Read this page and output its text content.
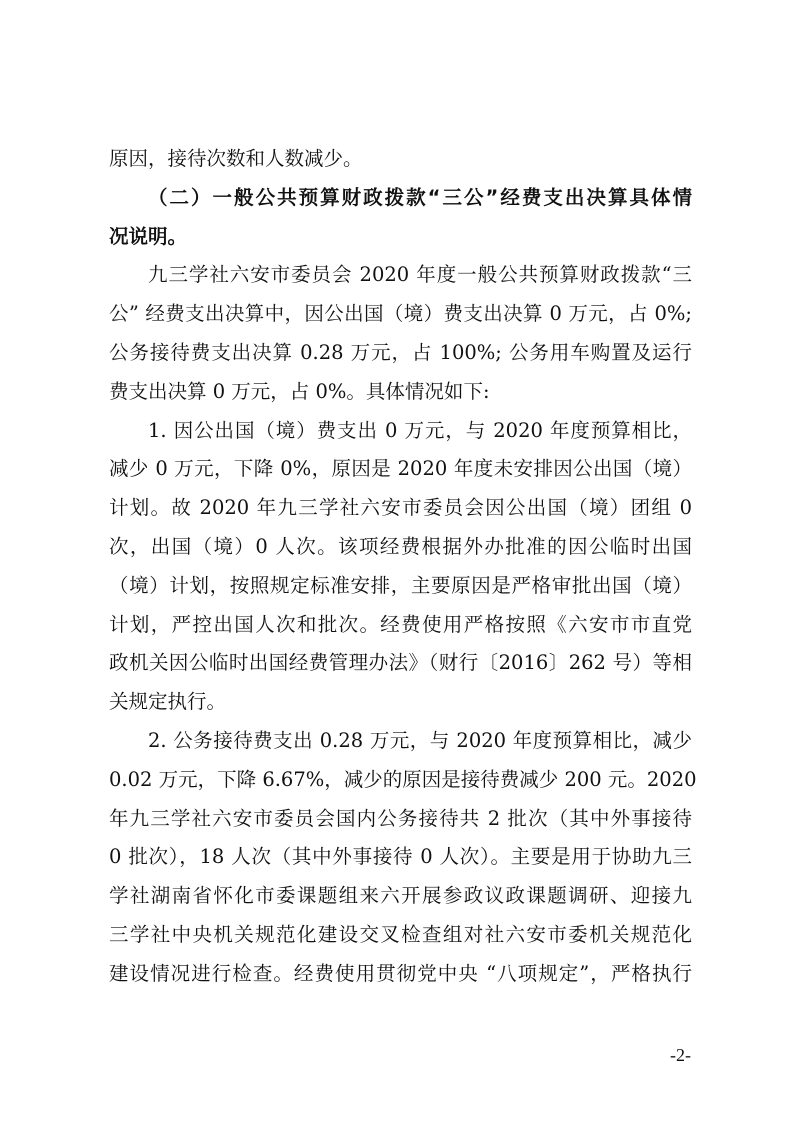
原因，接待次数和人数减少。
（二）一般公共预算财政拨款“三公”经费支出决算具体情
况说明。
九三学社六安市委员会 2020 年度一般公共预算财政拨款“三
公” 经费支出决算中，因公出国（境）费支出决算 0 万元，占 0%;
公务接待费支出决算 0.28 万元，占 100%; 公务用车购置及运行
费支出决算 0 万元，占 0%。具体情况如下:
1. 因公出国（境）费支出 0 万元，与 2020 年度预算相比，
减少 0 万元，下降 0%，原因是 2020 年度未安排因公出国（境）
计划。故 2020 年九三学社六安市委员会因公出国（境）团组 0
次，出国（境）0 人次。该项经费根据外办批准的因公临时出国
（境）计划，按照规定标准安排，主要原因是严格审批出国（境）
计划，严控出国人次和批次。经费使用严格按照《六安市市直党
政机关因公临时出国经费管理办法》（财行〔2016〕262 号）等相
关规定执行。
2. 公务接待费支出 0.28 万元，与 2020 年度预算相比，减少
0.02 万元，下降 6.67%，减少的原因是接待费减少 200 元。2020
年九三学社六安市委员会国内公务接待共 2 批次（其中外事接待
0 批次），18 人次（其中外事接待 0 人次）。主要是用于协助九三
学社湖南省怀化市委课题组来六开展参政议政课题调研、迎接九
三学社中央机关规范化建设交叉检查组对社六安市委机关规范化
建设情况进行检查。经费使用贯彻党中央 “八项规定”，严格执行
-2-
